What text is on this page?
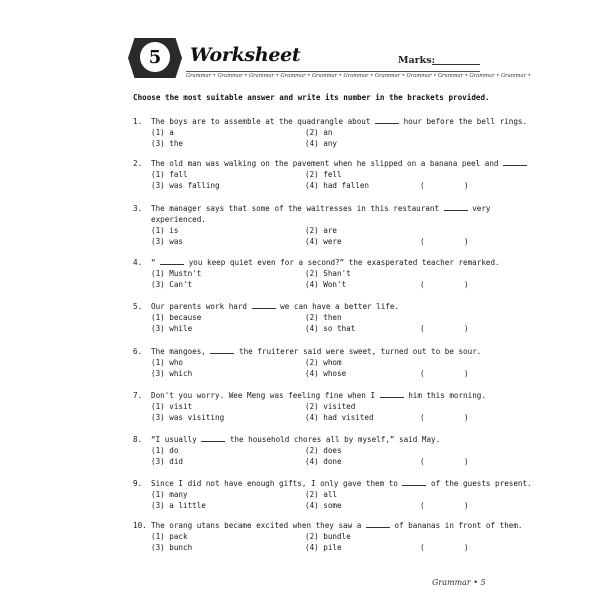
5	Worksheet	Marks:
Grammar • Grammar • Grammar • Grammar • Grammar • Grammar • Grammar • Grammar • Grammar • Grammar • Grammar •
Choose the most suitable answer and write its number in the brackets provided.
1. The boys are to assemble at the quadrangle about	hour before the bell rings.
(1) a	(2) an
(3) the	(4) any
2. The old man was walking on the pavement when he slipped on a banana peel and
(1) fall	(2) fell
(3) was falling	(4) had fallen	(	)
3. The manager says that some of the waitresses in this restaurant	very
experienced.
(1) is	(2) are
(3) was	(4) were	(	)
4. “	you keep quiet even for a second?” the exasperated teacher remarked.
(1) Mustn't	(2) Shan't
(3) Can't	(4) Won't	(	)
5. Our parents work hard	we can have a better life.
(1) because	(2) then
(3) while	(4) so that	(	)
6. The mangoes,	the fruiterer said were sweet, turned out to be sour.
(1) who	(2) whom
(3) which	(4) whose	(	)
7. Don't you worry. Wee Meng was feeling fine when I	him this morning.
(1) visit	(2) visited
(3) was visiting	(4) had visited	(	)
8. “I usually	the household chores all by myself,” said May.
(1) do	(2) does
(3) did	(4) done	(	)
9. Since I did not have enough gifts, I only gave them to	of the guests present.
(1) many	(2) all
(3) a little	(4) some	(	)
10. The orang utans became excited when they saw a	of bananas in front of them.
(1) pack	(2) bundle
(3) bunch	(4) pile	(	)
Grammar • 5
